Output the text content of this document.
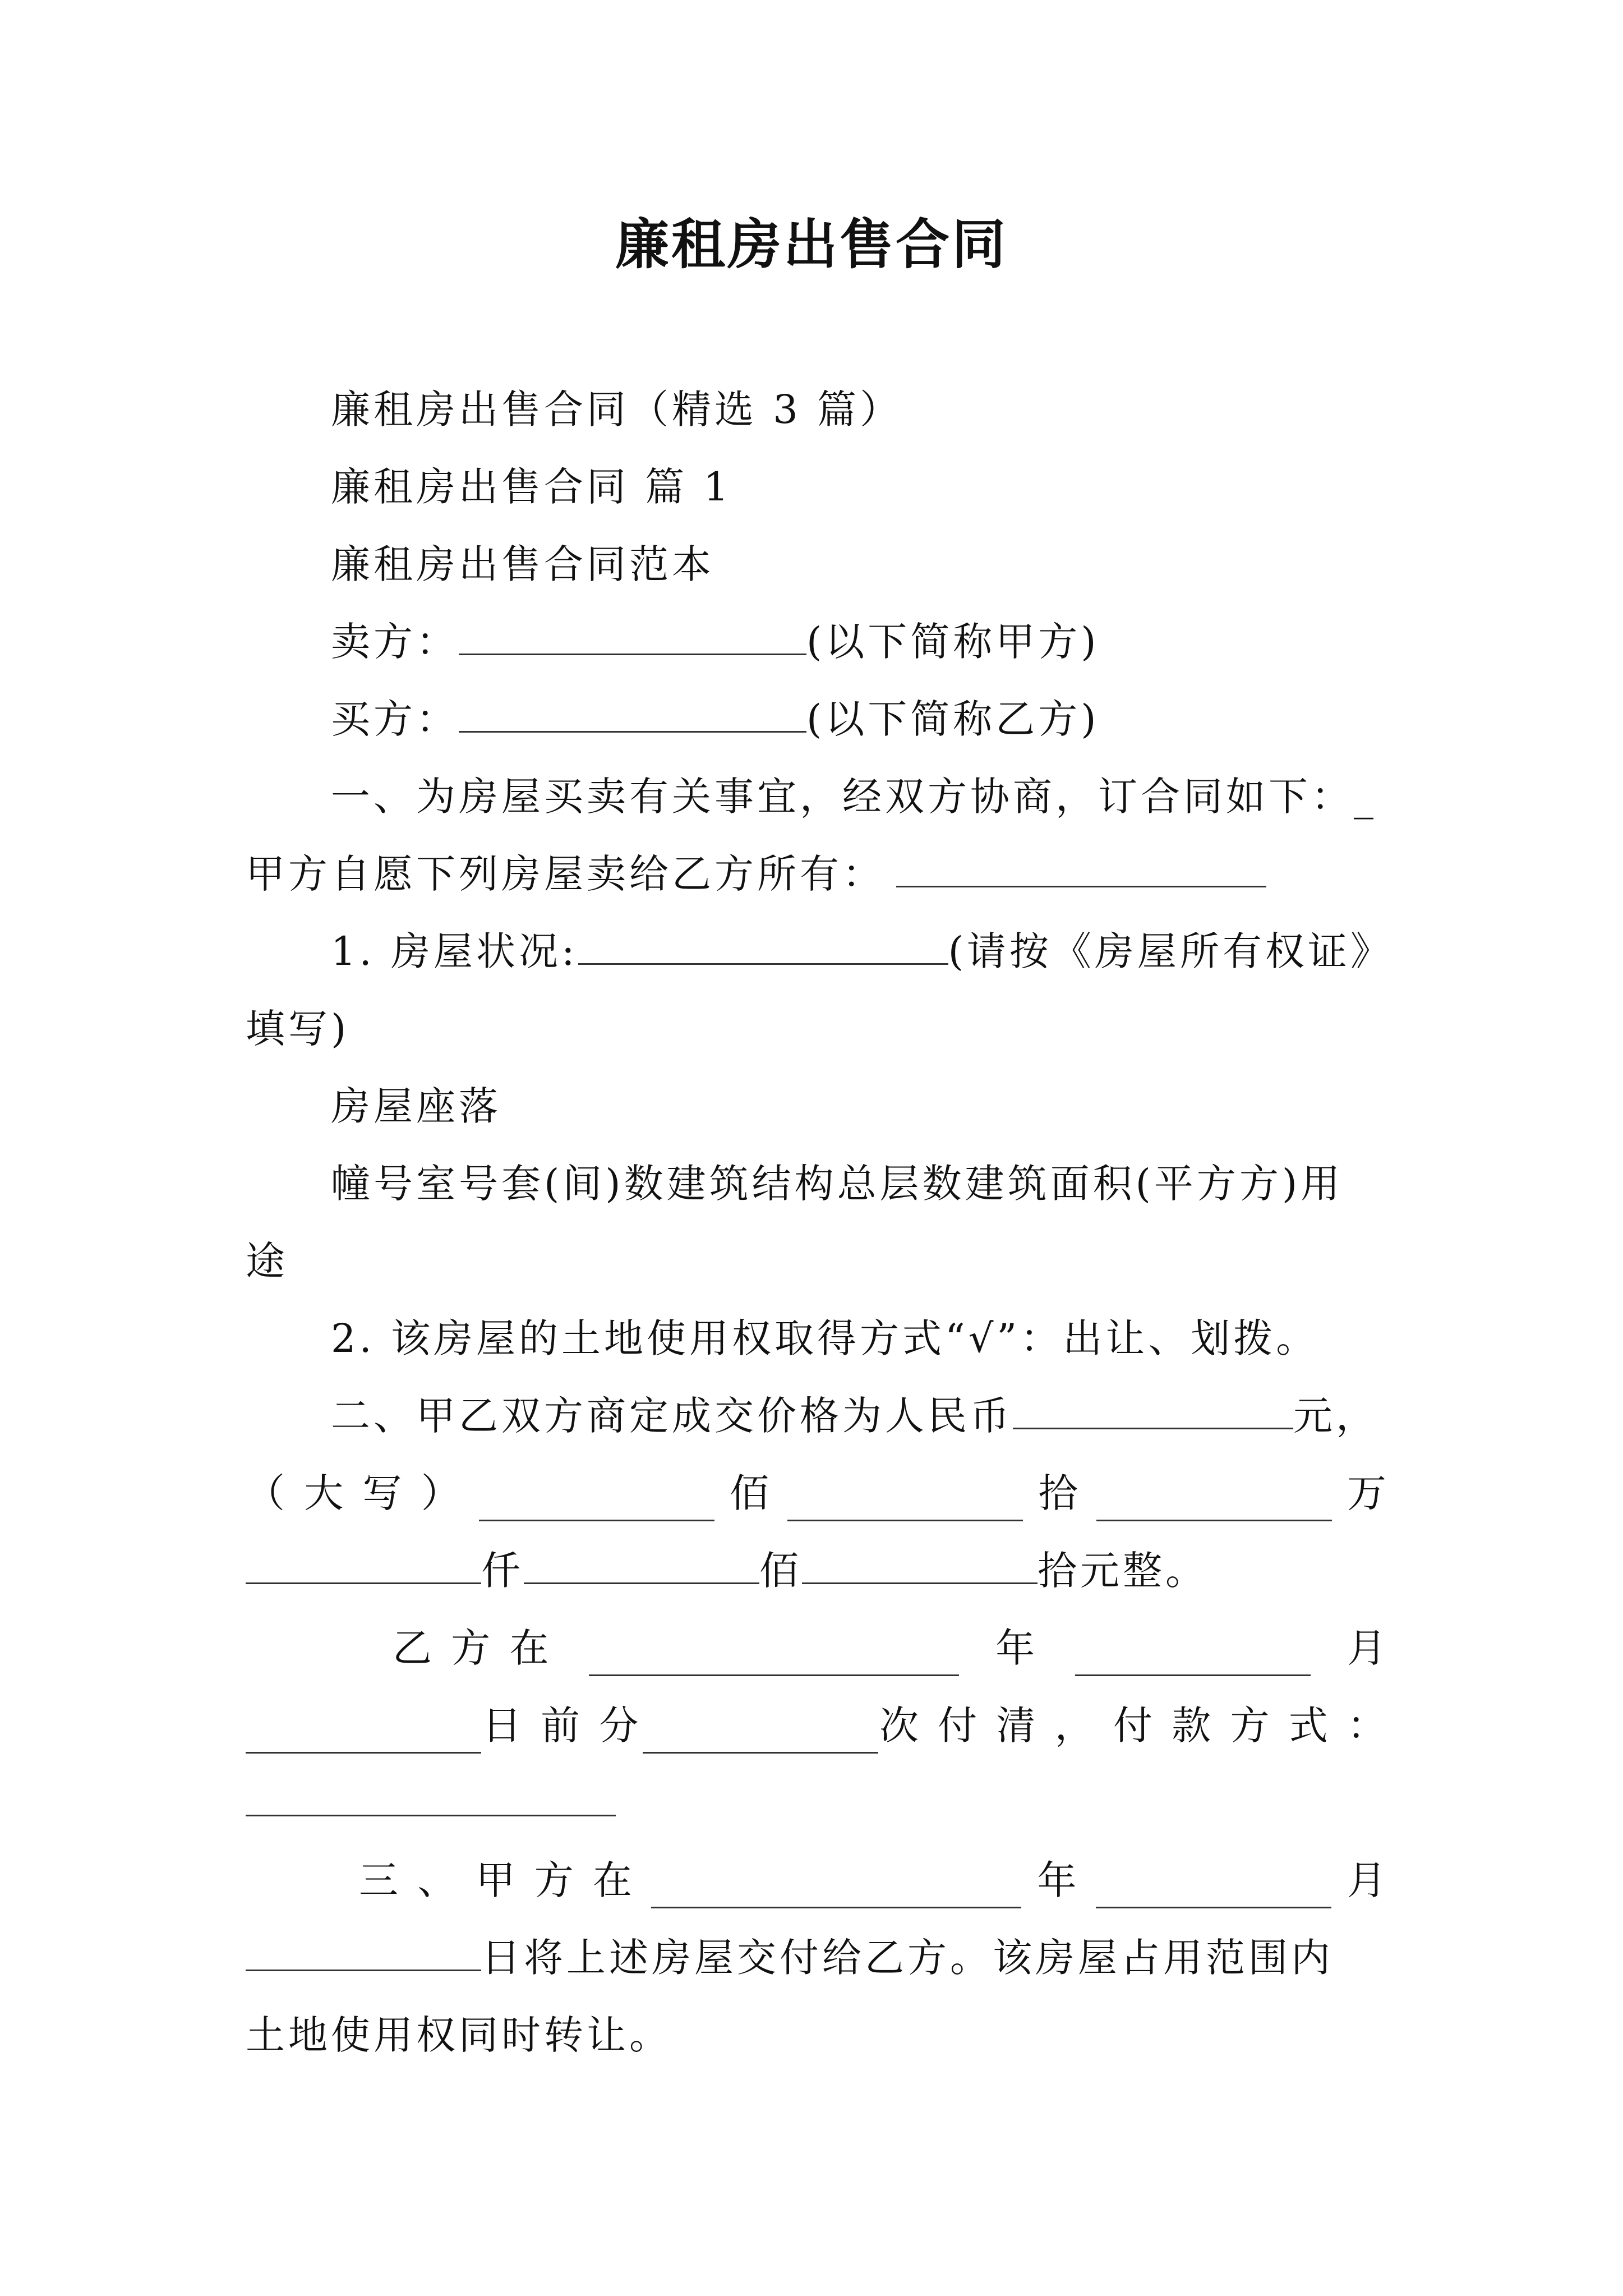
廉租房出售合同
廉租房出售合同（精选 3 篇）
廉租房出售合同 篇 1
廉租房出售合同范本
卖方：	(以下简称甲方)
买方：	(以下简称乙方)
一、为房屋买卖有关事宜，经双方协商，订合同如下：_
甲方自愿下列房屋卖给乙方所有：
1. 房屋状况:	(请按《房屋所有权证》
填写)
房屋座落
幢号室号套(间)数建筑结构总层数建筑面积(平方方)用
途
2. 该房屋的土地使用权取得方式“√”：出让、划拨。
二、甲乙双方商定成交价格为人民币	元，
（ 大 写 ）	佰	拾	万
仟	佰	拾元整。
乙 方 在	年	月
日 前 分	次 付 清 ， 付 款 方 式 ：
三 、 甲 方 在	年	月
日将上述房屋交付给乙方。该房屋占用范围内
土地使用权同时转让。
